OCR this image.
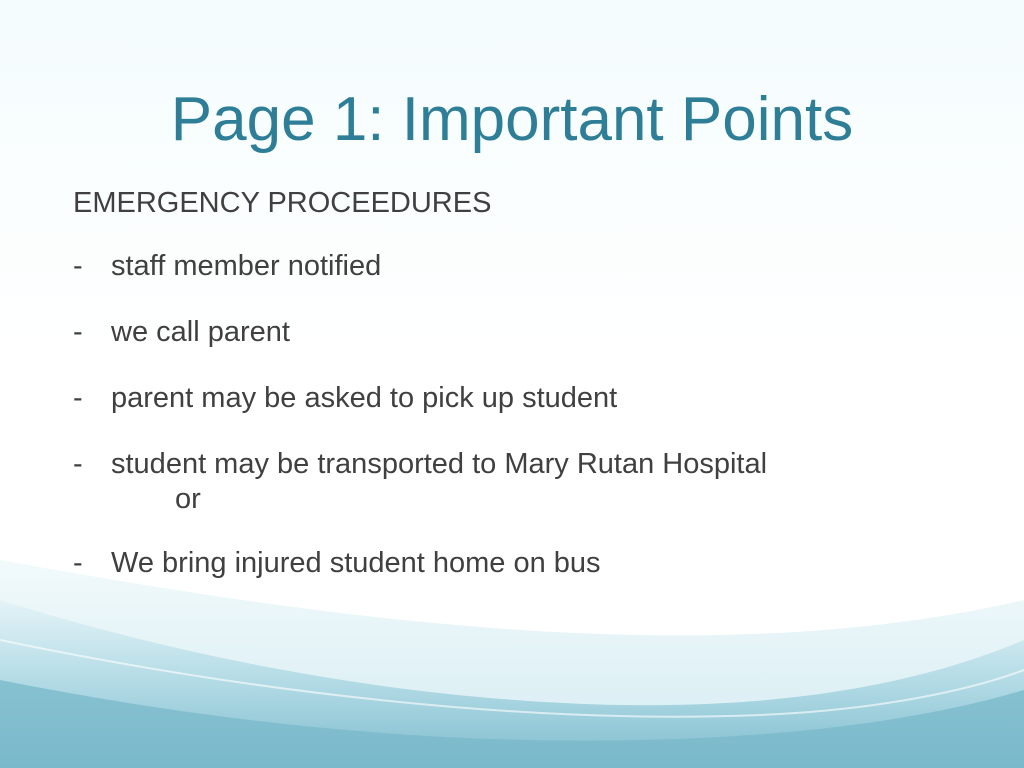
Page 1: Important Points
EMERGENCY PROCEEDURES
- staff member notified
- we call parent
- parent may be asked to pick up student
- student may be transported to Mary Rutan Hospital
or
- We bring injured student home on bus
